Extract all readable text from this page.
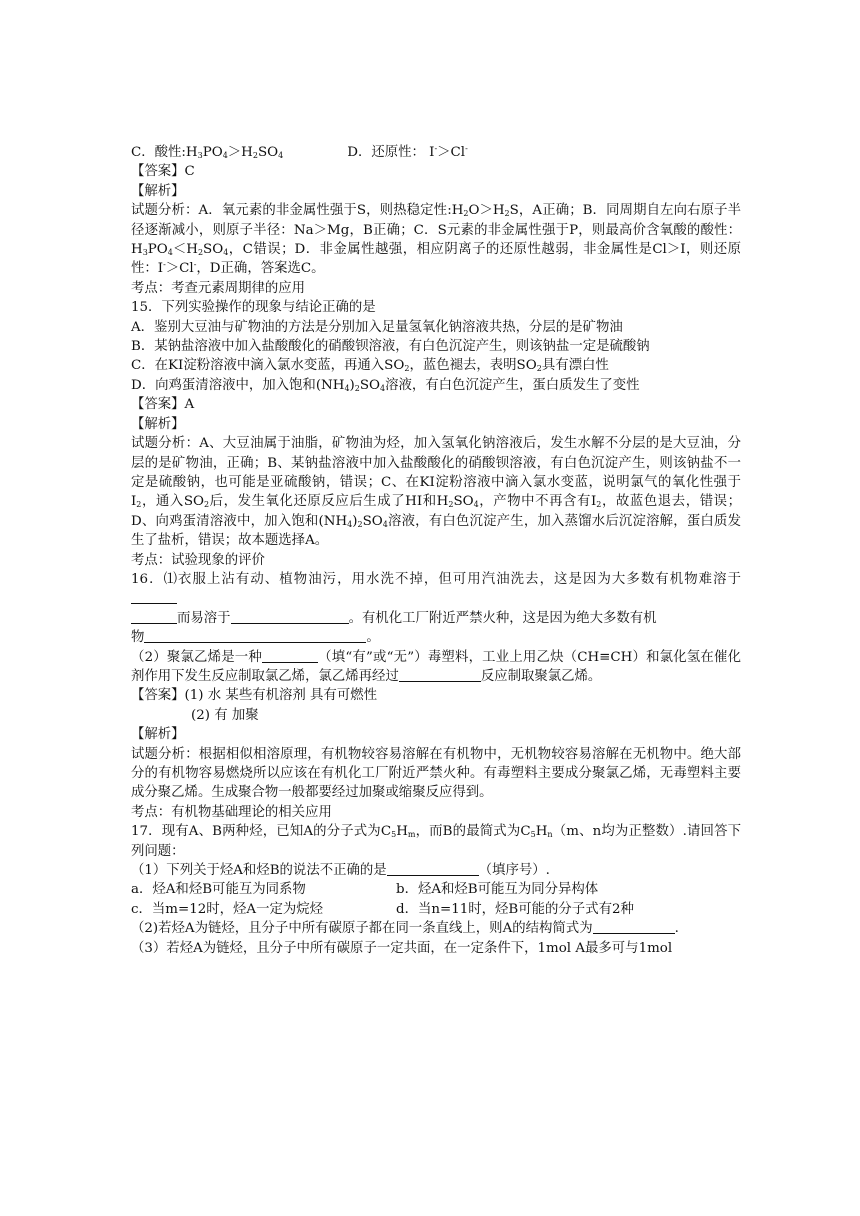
C．酸性$:H_3PO_4>H_2SO_4$	D．还原性： I-＞Cl-
【答案】C
【解析】
试题分析：A．氧元素的非金属性强于S，则热稳定性$:H_2O>H_2S$，A正确；B．同周期自左向右原子半径逐渐减小，则原子半径：Na＞Mg，B正确；C．S元素的非金属性强于P，则最高价含氧酸的酸性：$H_3PO_4<H_2SO_4$，C错误；D．非金属性越强，相应阴离子的还原性越弱，非金属性是Cl＞I，则还原性：I-＞Cl-，D正确，答案选C。
考点：考查元素周期律的应用
15．下列实验操作的现象与结论正确的是
A．鉴别大豆油与矿物油的方法是分别加入足量氢氧化钠溶液共热，分层的是矿物油
B．某钠盐溶液中加入盐酸酸化的硝酸钡溶液，有白色沉淀产生，则该钠盐一定是硫酸钠
C．在KI淀粉溶液中滴入氯水变蓝，再通入$SO_2$，蓝色褪去，表明$SO_2$具有漂白性
D．向鸡蛋清溶液中，加入饱和$(NH_4)_2SO_4$溶液，有白色沉淀产生，蛋白质发生了变性
【答案】A
【解析】
试题分析：A、大豆油属于油脂，矿物油为烃，加入氢氧化钠溶液后，发生水解不分层的是大豆油，分层的是矿物油，正确；B、某钠盐溶液中加入盐酸酸化的硝酸钡溶液，有白色沉淀产生，则该钠盐不一定是硫酸钠，也可能是亚硫酸钠，错误；C、在KI淀粉溶液中滴入氯水变蓝，说明氯气的氧化性强于$I_2$，通入$SO_2$后，发生氧化还原反应后生成了HI和$H_2SO_4$，产物中不再含有$I_2$，故蓝色退去，错误；D、向鸡蛋清溶液中，加入饱和$(NH_4)_2SO_4$溶液，有白色沉淀产生，加入蒸馏水后沉淀溶解，蛋白质发生了盐析，错误；故本题选择A。
考点：试验现象的评价
16．⑴衣服上沾有动、植物油污，用水洗不掉，但可用汽油洗去，这是因为大多数有机物难溶于
而易溶于	。有机化工厂附近严禁火种，这是因为绝大多数有机
物	。
（2）聚氯乙烯是一种	（填“有”或“无”）毒塑料，工业上用乙炔（CH≡CH）和氯化氢在催化剂作用下发生反应制取氯乙烯，氯乙烯再经过	反应制取聚氯乙烯。
【答案】(1) 水 某些有机溶剂 具有可燃性
(2) 有 加聚
【解析】
试题分析：根据相似相溶原理，有机物较容易溶解在有机物中，无机物较容易溶解在无机物中。绝大部分的有机物容易燃烧所以应该在有机化工厂附近严禁火种。有毒塑料主要成分聚氯乙烯，无毒塑料主要成分聚乙烯。生成聚合物一般都要经过加聚或缩聚反应得到。
考点：有机物基础理论的相关应用
17．现有A、B两种烃，已知A的分子式为$C_5H_m$，而B的最简式为$C_5H_n(m$、n均为正整数）.请回答下列问题：
（1）下列关于烃A和烃B的说法不正确的是	（填序号）.
a．烃A和烃B可能互为同系物	b．烃A和烃B可能互为同分异构体
c．当m=12时，烃A一定为烷烃	d．当n=11时，烃B可能的分子式有2种
（2)若烃A为链烃，且分子中所有碳原子都在同一条直线上，则A的结构简式为	.
（3）若烃A为链烃，且分子中所有碳原子一定共面，在一定条件下，1mol A最多可与1mol
